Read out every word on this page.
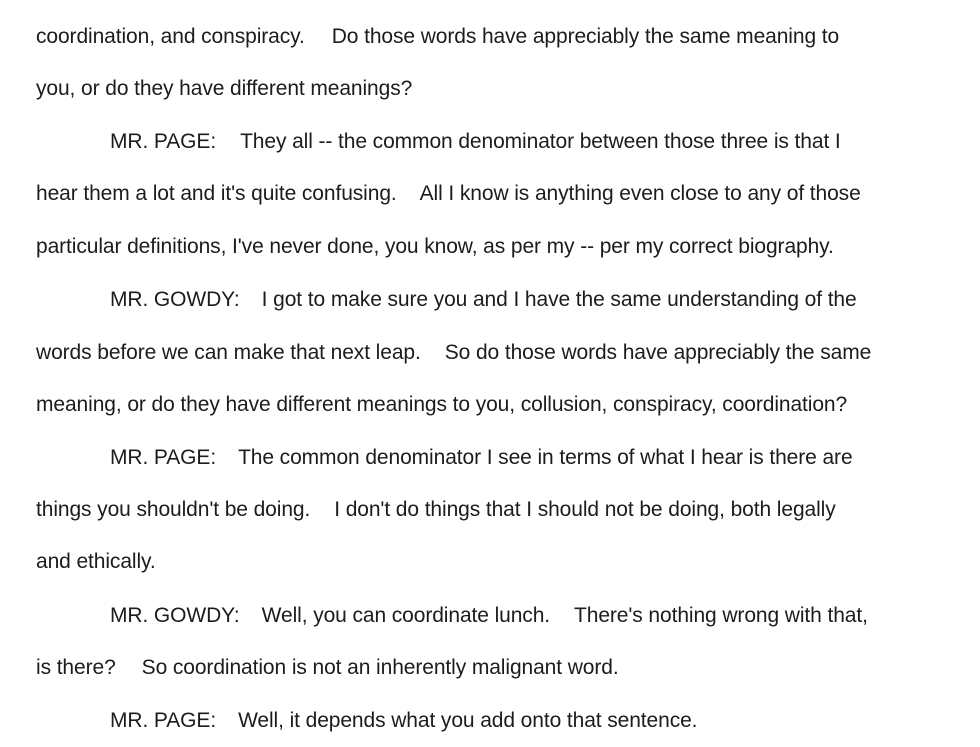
coordination, and conspiracy. Do those words have appreciably the same meaning to
you, or do they have different meanings?
MR. PAGE: They all -- the common denominator between those three is that I
hear them a lot and it's quite confusing. All I know is anything even close to any of those
particular definitions, I've never done, you know, as per my -- per my correct biography.
MR. GOWDY: I got to make sure you and I have the same understanding of the
words before we can make that next leap. So do those words have appreciably the same
meaning, or do they have different meanings to you, collusion, conspiracy, coordination?
MR. PAGE: The common denominator I see in terms of what I hear is there are
things you shouldn't be doing. I don't do things that I should not be doing, both legally
and ethically.
MR. GOWDY: Well, you can coordinate lunch. There's nothing wrong with that,
is there? So coordination is not an inherently malignant word.
MR. PAGE: Well, it depends what you add onto that sentence.
